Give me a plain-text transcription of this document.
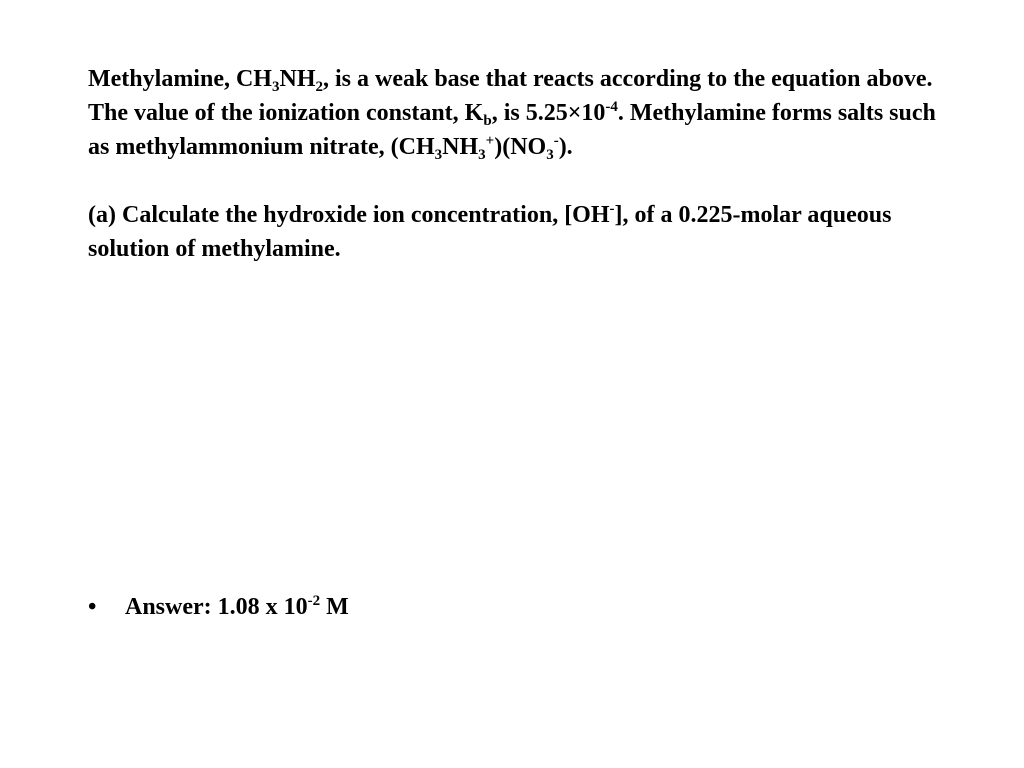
Methylamine, $CH_3NH_2$, is a weak base that reacts according to the equation above. The value of the ionization constant, $K_b$, is $5.25\times 10^{-4}$. Methylamine forms salts such as methylammonium nitrate, $(CH_3NH_3^+)(NO_3^-)$.

(a) Calculate the hydroxide ion concentration, [OH-], of a 0.225-molar aqueous solution of methylamine.

• Answer: 1.08 x $10^{-2}$ M
